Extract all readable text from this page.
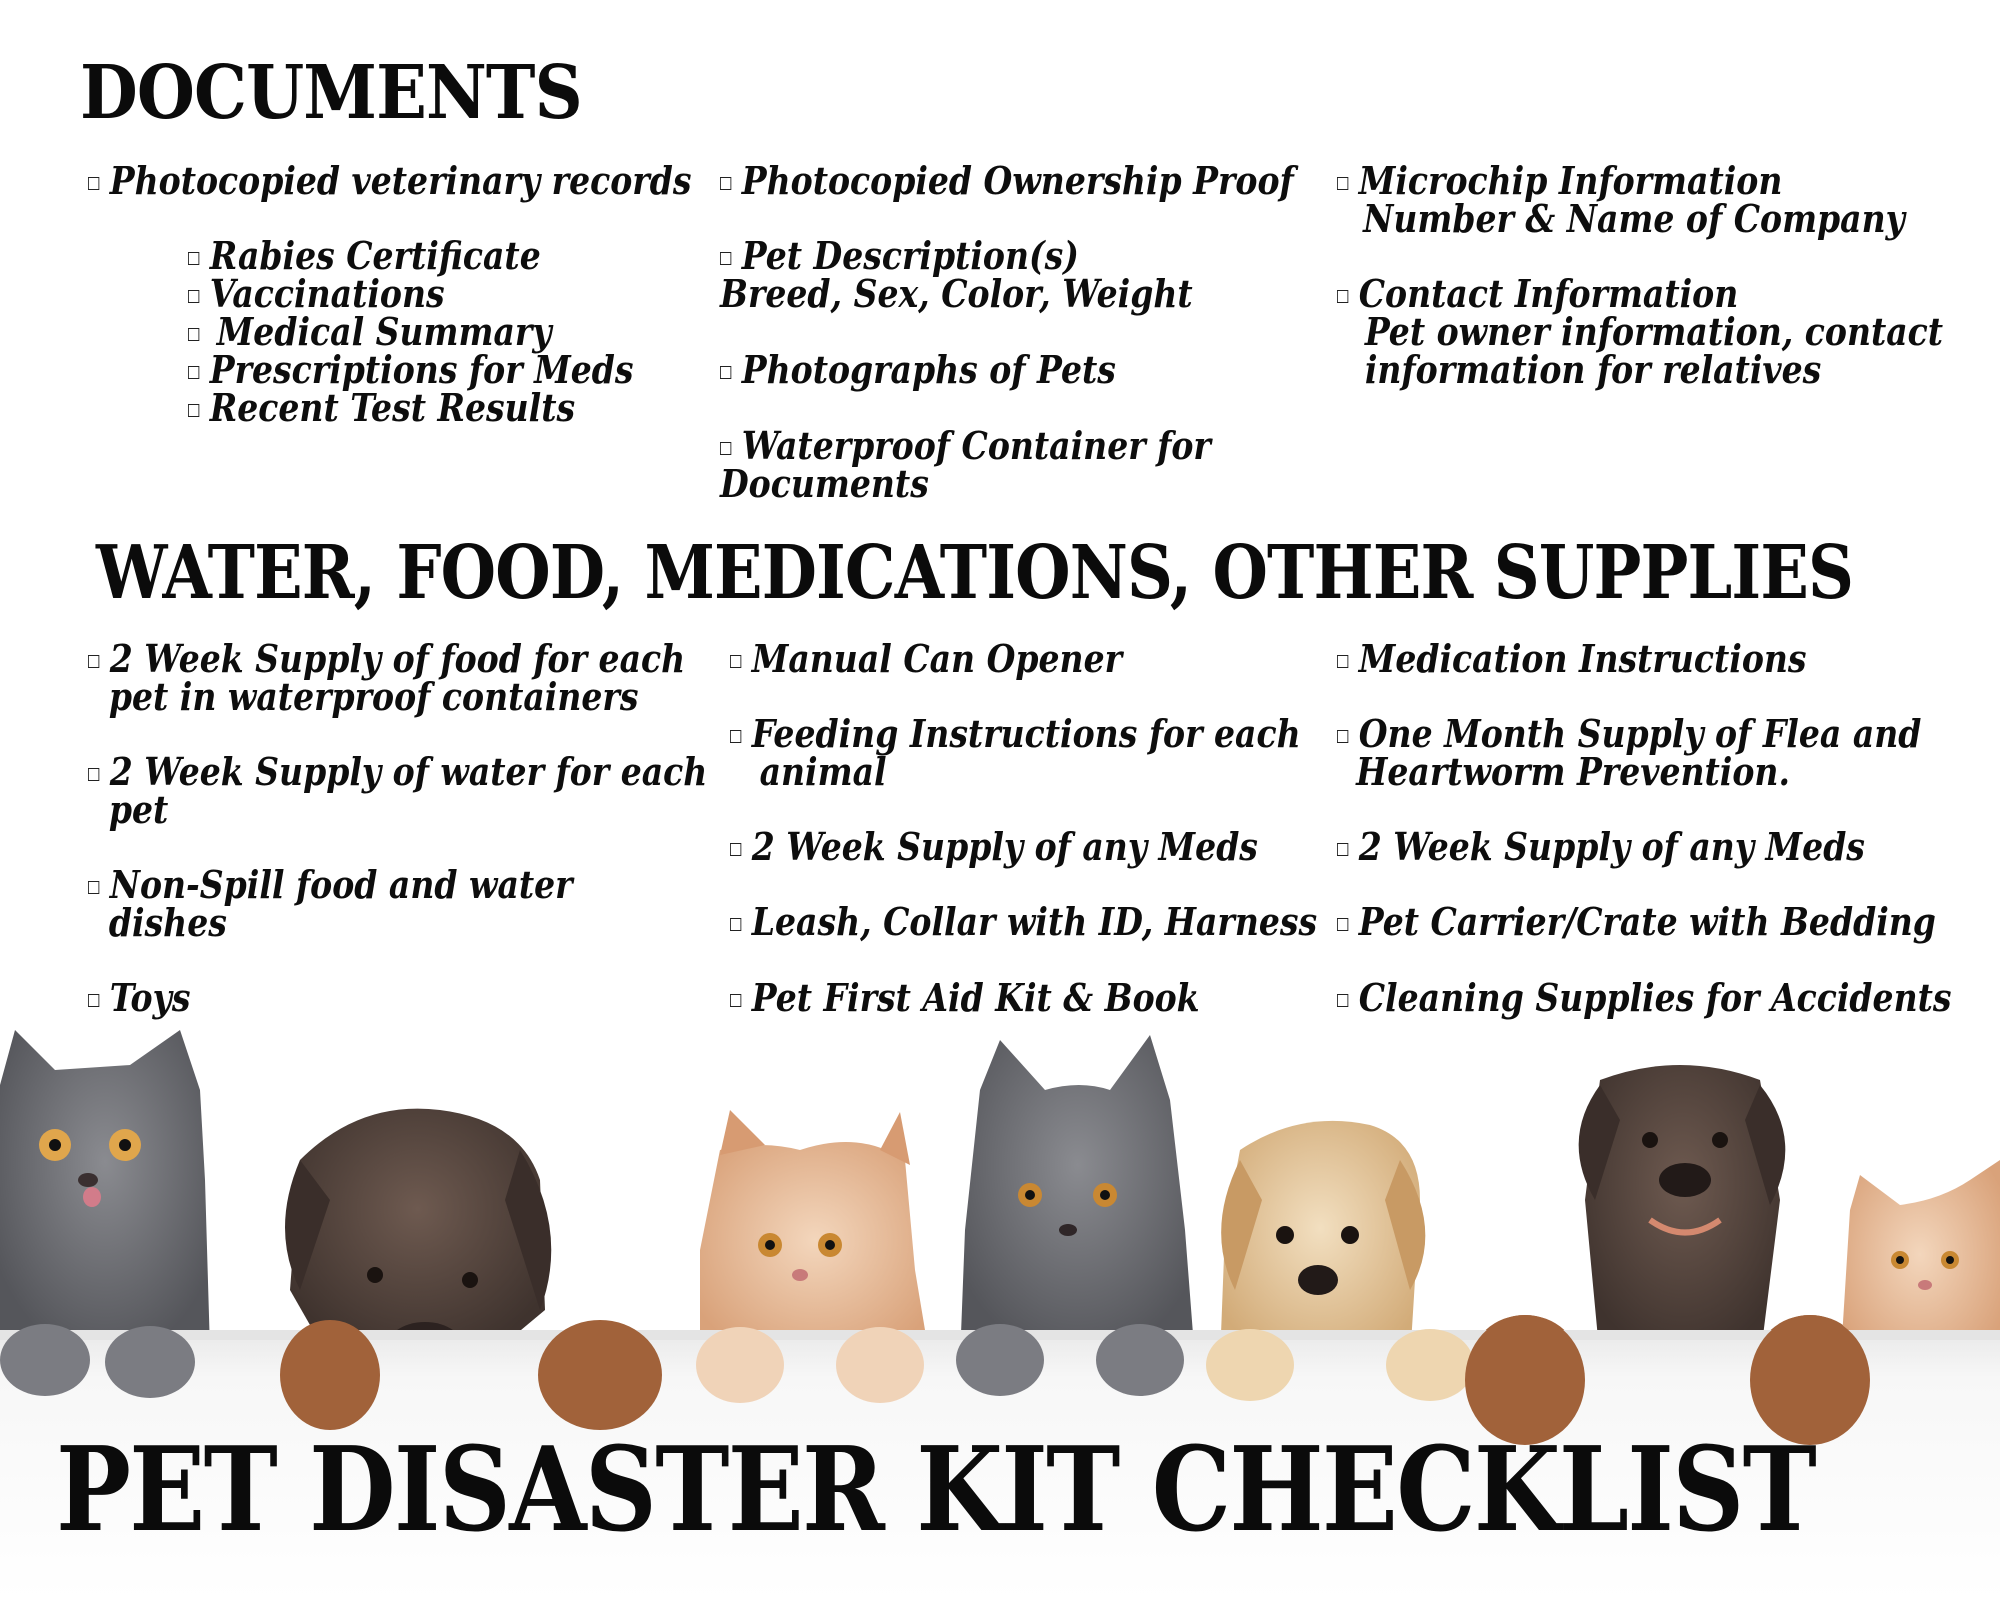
DOCUMENTS
Photocopied veterinary records
Rabies Certificate
Vaccinations
Medical Summary
Prescriptions for Meds
Recent Test Results
Photocopied Ownership Proof
Pet Description(s)
Breed, Sex, Color, Weight
Photographs of Pets
Waterproof Container for
Documents
Microchip Information
Number & Name of Company
Contact Information
Pet owner information, contact
information for relatives
WATER, FOOD, MEDICATIONS, OTHER SUPPLIES
2 Week Supply of food for each
pet in waterproof containers
2 Week Supply of water for each
pet
Non-Spill food and water
dishes
Toys
Manual Can Opener
Feeding Instructions for each
animal
2 Week Supply of any Meds
Leash, Collar with ID, Harness
Pet First Aid Kit & Book
Medication Instructions
One Month Supply of Flea and
Heartworm Prevention.
2 Week Supply of any Meds
Pet Carrier/Crate with Bedding
Cleaning Supplies for Accidents
PET DISASTER KIT CHECKLIST
